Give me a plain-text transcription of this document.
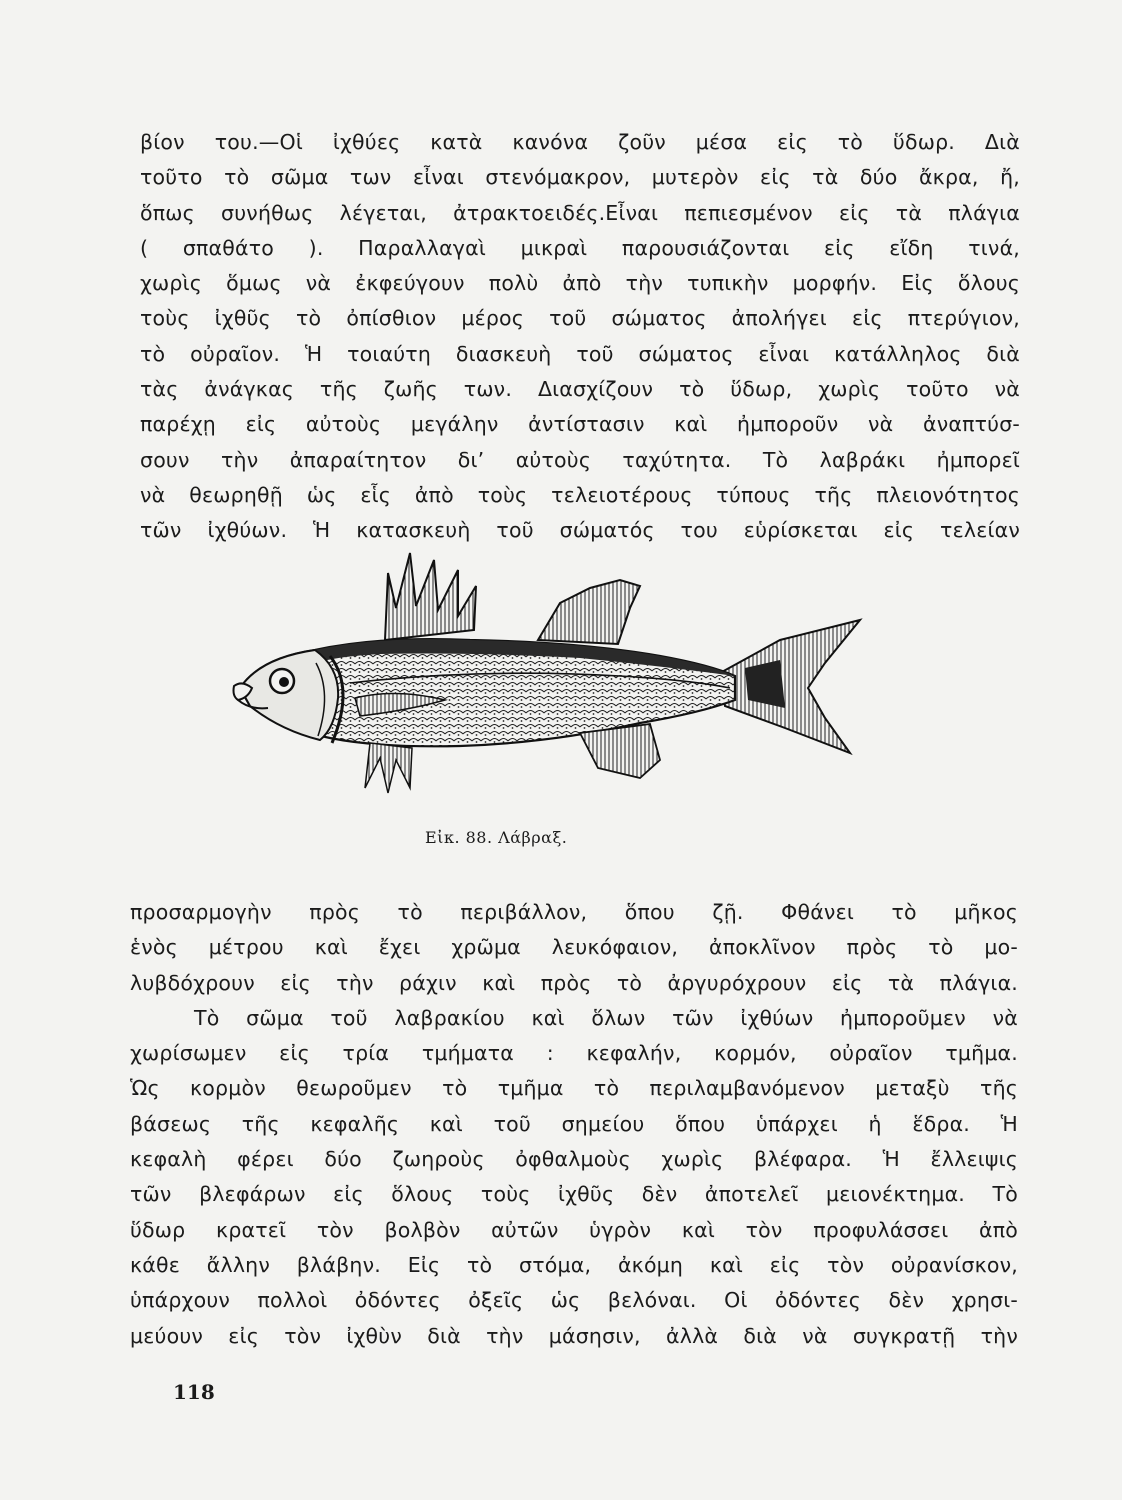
βίον του.—Οἱ ἰχθύες κατὰ κανόνα ζοῦν μέσα εἰς τὸ ὕδωρ. Διὰ
τοῦτο τὸ σῶμα των εἶναι στενόμακρον, μυτερὸν εἰς τὰ δύο ἄκρα, ἤ,
ὅπως συνήθως λέγεται, ἀτρακτοειδές.Εἶναι πεπιεσμένον εἰς τὰ πλάγια
( σπαθάτο ). Παραλλαγαὶ μικραὶ παρουσιάζονται εἰς εἴδη τινά,
χωρὶς ὅμως νὰ ἐκφεύγουν πολὺ ἀπὸ τὴν τυπικὴν μορφήν. Εἰς ὅλους
τοὺς ἰχθῦς τὸ ὀπίσθιον μέρος τοῦ σώματος ἀπολήγει εἰς πτερύγιον,
τὸ οὐραῖον. Ἡ τοιαύτη διασκευὴ τοῦ σώματος εἶναι κατάλληλος διὰ
τὰς ἀνάγκας τῆς ζωῆς των. Διασχίζουν τὸ ὕδωρ, χωρὶς τοῦτο νὰ
παρέχῃ εἰς αὐτοὺς μεγάλην ἀντίστασιν καὶ ἠμποροῦν νὰ ἀναπτύσ-
σουν τὴν ἀπαραίτητον δι’ αὐτοὺς ταχύτητα. Τὸ λαβράκι ἠμπορεῖ
νὰ θεωρηθῇ ὡς εἷς ἀπὸ τοὺς τελειοτέρους τύπους τῆς πλειονότητος
τῶν ἰχθύων. Ἡ κατασκευὴ τοῦ σώματός του εὑρίσκεται εἰς τελείαν
Εἰκ. 88. Λάβραξ.
προσαρμογὴν πρὸς τὸ περιβάλλον, ὅπου ζῇ. Φθάνει τὸ μῆκος
ἑνὸς μέτρου καὶ ἔχει χρῶμα λευκόφαιον, ἀποκλῖνον πρὸς τὸ μο-
λυβδόχρουν εἰς τὴν ράχιν καὶ πρὸς τὸ ἀργυρόχρουν εἰς τὰ πλάγια.
Τὸ σῶμα τοῦ λαβρακίου καὶ ὅλων τῶν ἰχθύων ἠμποροῦμεν νὰ
χωρίσωμεν εἰς τρία τμήματα : κεφαλήν, κορμόν, οὐραῖον τμῆμα.
Ὡς κορμὸν θεωροῦμεν τὸ τμῆμα τὸ περιλαμβανόμενον μεταξὺ τῆς
βάσεως τῆς κεφαλῆς καὶ τοῦ σημείου ὅπου ὑπάρχει ἡ ἕδρα. Ἡ
κεφαλὴ φέρει δύο ζωηροὺς ὀφθαλμοὺς χωρὶς βλέφαρα. Ἡ ἔλλειψις
τῶν βλεφάρων εἰς ὅλους τοὺς ἰχθῦς δὲν ἀποτελεῖ μειονέκτημα. Τὸ
ὕδωρ κρατεῖ τὸν βολβὸν αὐτῶν ὑγρὸν καὶ τὸν προφυλάσσει ἀπὸ
κάθε ἄλλην βλάβην. Εἰς τὸ στόμα, ἀκόμη καὶ εἰς τὸν οὐρανίσκον,
ὑπάρχουν πολλοὶ ὀδόντες ὀξεῖς ὡς βελόναι. Οἱ ὀδόντες δὲν χρησι-
μεύουν εἰς τὸν ἰχθὺν διὰ τὴν μάσησιν, ἀλλὰ διὰ νὰ συγκρατῇ τὴν
118
